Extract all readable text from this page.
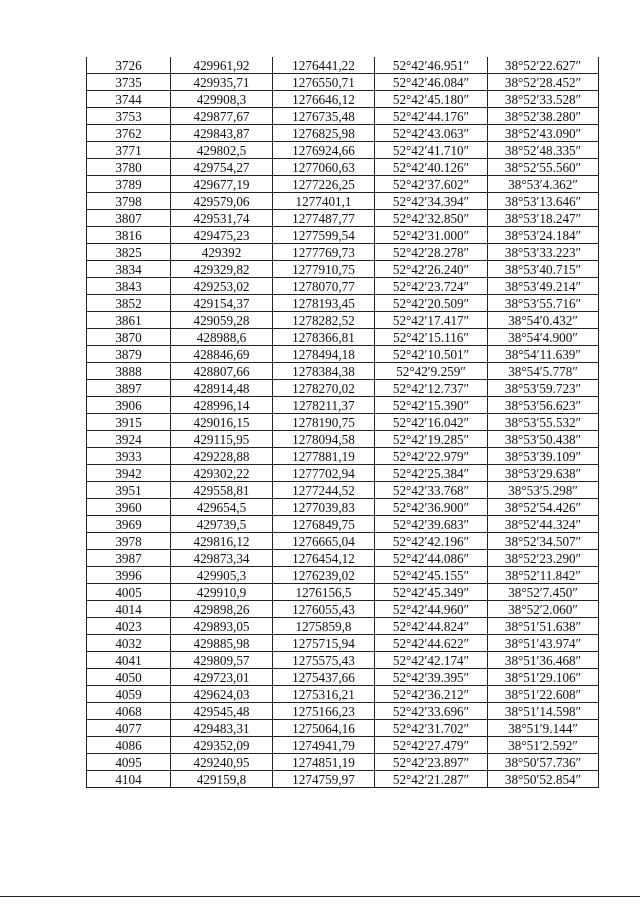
3726	429961,92	1276441,22	52°42′46.951″	38°52′22.627″
3735	429935,71	1276550,71	52°42′46.084″	38°52′28.452″
3744	429908,3	1276646,12	52°42′45.180″	38°52′33.528″
3753	429877,67	1276735,48	52°42′44.176″	38°52′38.280″
3762	429843,87	1276825,98	52°42′43.063″	38°52′43.090″
3771	429802,5	1276924,66	52°42′41.710″	38°52′48.335″
3780	429754,27	1277060,63	52°42′40.126″	38°52′55.560″
3789	429677,19	1277226,25	52°42′37.602″	38°53′4.362″
3798	429579,06	1277401,1	52°42′34.394″	38°53′13.646″
3807	429531,74	1277487,77	52°42′32.850″	38°53′18.247″
3816	429475,23	1277599,54	52°42′31.000″	38°53′24.184″
3825	429392	1277769,73	52°42′28.278″	38°53′33.223″
3834	429329,82	1277910,75	52°42′26.240″	38°53′40.715″
3843	429253,02	1278070,77	52°42′23.724″	38°53′49.214″
3852	429154,37	1278193,45	52°42′20.509″	38°53′55.716″
3861	429059,28	1278282,52	52°42′17.417″	38°54′0.432″
3870	428988,6	1278366,81	52°42′15.116″	38°54′4.900″
3879	428846,69	1278494,18	52°42′10.501″	38°54′11.639″
3888	428807,66	1278384,38	52°42′9.259″	38°54′5.778″
3897	428914,48	1278270,02	52°42′12.737″	38°53′59.723″
3906	428996,14	1278211,37	52°42′15.390″	38°53′56.623″
3915	429016,15	1278190,75	52°42′16.042″	38°53′55.532″
3924	429115,95	1278094,58	52°42′19.285″	38°53′50.438″
3933	429228,88	1277881,19	52°42′22.979″	38°53′39.109″
3942	429302,22	1277702,94	52°42′25.384″	38°53′29.638″
3951	429558,81	1277244,52	52°42′33.768″	38°53′5.298″
3960	429654,5	1277039,83	52°42′36.900″	38°52′54.426″
3969	429739,5	1276849,75	52°42′39.683″	38°52′44.324″
3978	429816,12	1276665,04	52°42′42.196″	38°52′34.507″
3987	429873,34	1276454,12	52°42′44.086″	38°52′23.290″
3996	429905,3	1276239,02	52°42′45.155″	38°52′11.842″
4005	429910,9	1276156,5	52°42′45.349″	38°52′7.450″
4014	429898,26	1276055,43	52°42′44.960″	38°52′2.060″
4023	429893,05	1275859,8	52°42′44.824″	38°51′51.638″
4032	429885,98	1275715,94	52°42′44.622″	38°51′43.974″
4041	429809,57	1275575,43	52°42′42.174″	38°51′36.468″
4050	429723,01	1275437,66	52°42′39.395″	38°51′29.106″
4059	429624,03	1275316,21	52°42′36.212″	38°51′22.608″
4068	429545,48	1275166,23	52°42′33.696″	38°51′14.598″
4077	429483,31	1275064,16	52°42′31.702″	38°51′9.144″
4086	429352,09	1274941,79	52°42′27.479″	38°51′2.592″
4095	429240,95	1274851,19	52°42′23.897″	38°50′57.736″
4104	429159,8	1274759,97	52°42′21.287″	38°50′52.854″
